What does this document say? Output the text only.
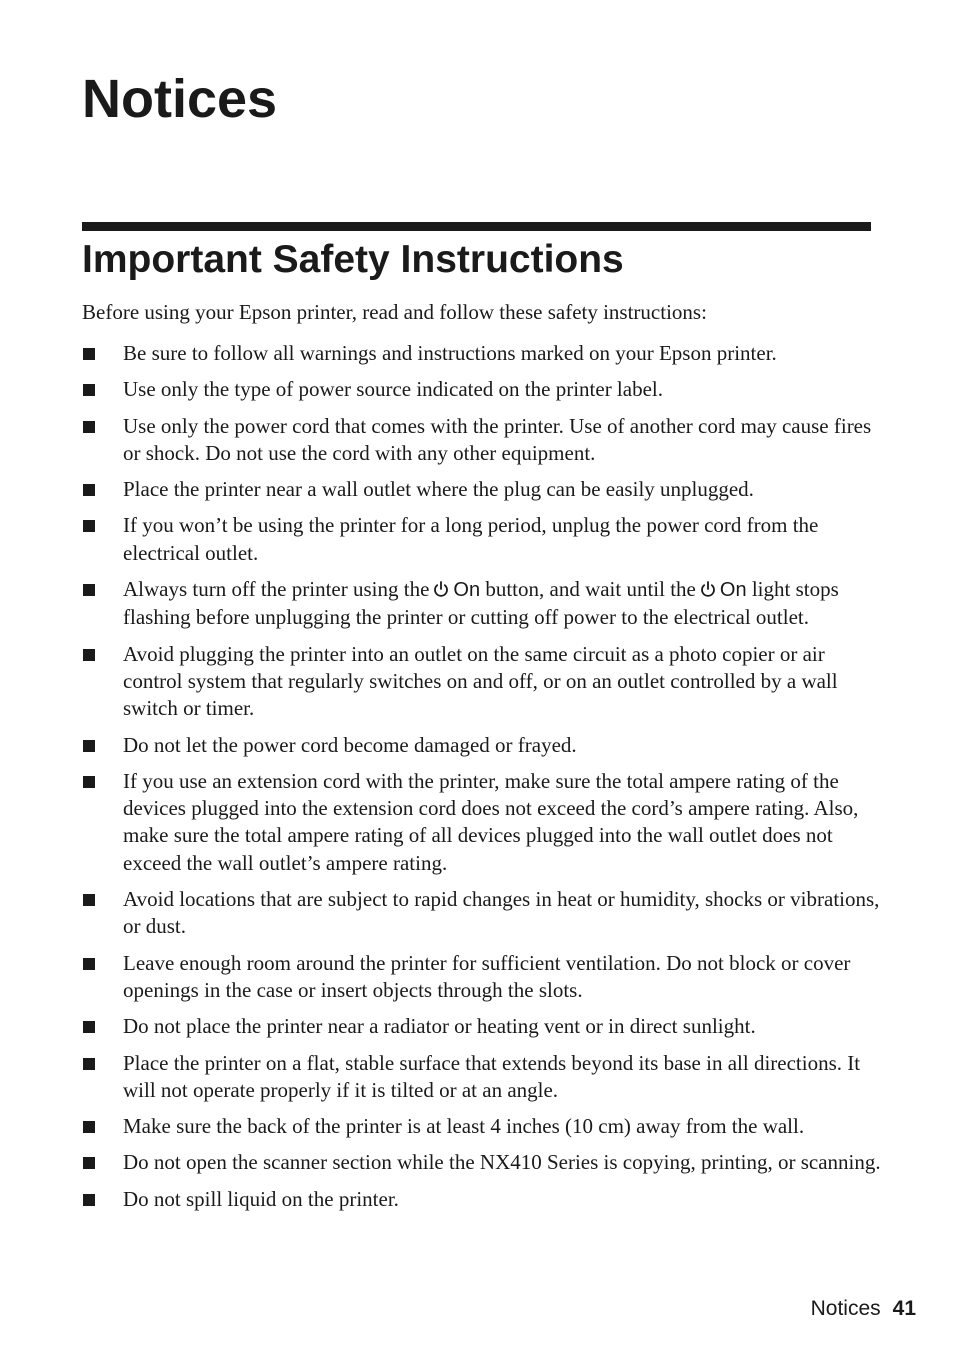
Notices
Important Safety Instructions

Before using your Epson printer, read and follow these safety instructions:

Be sure to follow all warnings and instructions marked on your Epson printer.
Use only the type of power source indicated on the printer label.
Use only the power cord that comes with the printer. Use of another cord may cause fires or shock. Do not use the cord with any other equipment.
Place the printer near a wall outlet where the plug can be easily unplugged.
If you won’t be using the printer for a long period, unplug the power cord from the electrical outlet.
Always turn off the printer using the On button, and wait until the On light stops flashing before unplugging the printer or cutting off power to the electrical outlet.
Avoid plugging the printer into an outlet on the same circuit as a photo copier or air control system that regularly switches on and off, or on an outlet controlled by a wall switch or timer.
Do not let the power cord become damaged or frayed.
If you use an extension cord with the printer, make sure the total ampere rating of the devices plugged into the extension cord does not exceed the cord’s ampere rating. Also, make sure the total ampere rating of all devices plugged into the wall outlet does not exceed the wall outlet’s ampere rating.
Avoid locations that are subject to rapid changes in heat or humidity, shocks or vibrations, or dust.
Leave enough room around the printer for sufficient ventilation. Do not block or cover openings in the case or insert objects through the slots.
Do not place the printer near a radiator or heating vent or in direct sunlight.
Place the printer on a flat, stable surface that extends beyond its base in all directions. It will not operate properly if it is tilted or at an angle.
Make sure the back of the printer is at least 4 inches (10 cm) away from the wall.
Do not open the scanner section while the NX410 Series is copying, printing, or scanning.
Do not spill liquid on the printer.
Notices 41
